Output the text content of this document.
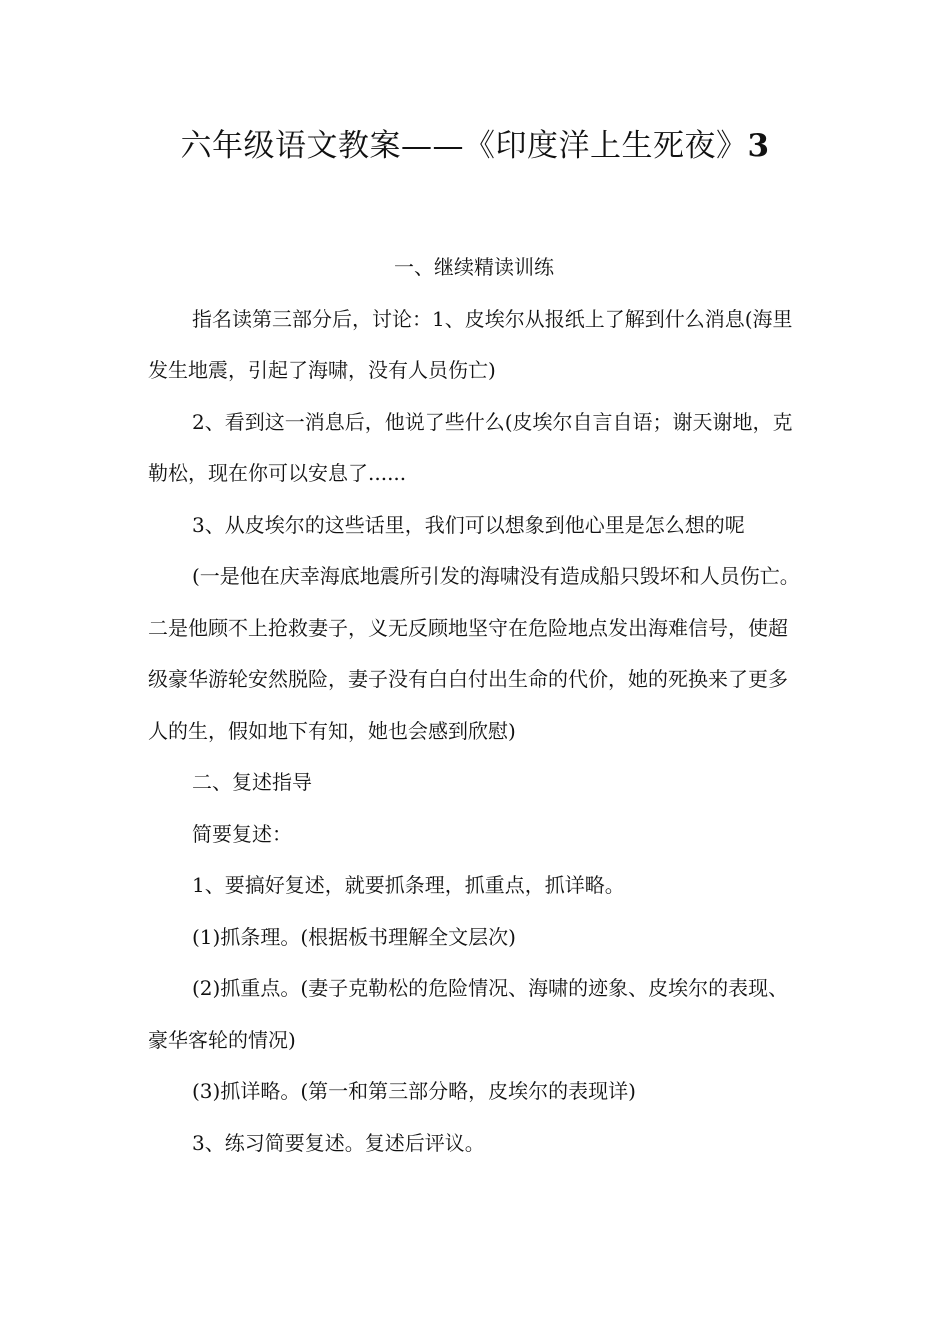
六年级语文教案——《印度洋上生死夜》3

一、继续精读训练

指名读第三部分后，讨论：1、皮埃尔从报纸上了解到什么消息(海里发生地震，引起了海啸，没有人员伤亡)

2、看到这一消息后，他说了些什么(皮埃尔自言自语；谢天谢地，克勒松，现在你可以安息了......

3、从皮埃尔的这些话里，我们可以想象到他心里是怎么想的呢

(一是他在庆幸海底地震所引发的海啸没有造成船只毁坏和人员伤亡。二是他顾不上抢救妻子，义无反顾地坚守在危险地点发出海难信号，使超级豪华游轮安然脱险，妻子没有白白付出生命的代价，她的死换来了更多人的生，假如地下有知，她也会感到欣慰)

二、复述指导

简要复述：

1、要搞好复述，就要抓条理，抓重点，抓详略。

(1)抓条理。(根据板书理解全文层次)

(2)抓重点。(妻子克勒松的危险情况、海啸的迹象、皮埃尔的表现、豪华客轮的情况)

(3)抓详略。(第一和第三部分略，皮埃尔的表现详)

3、练习简要复述。复述后评议。
